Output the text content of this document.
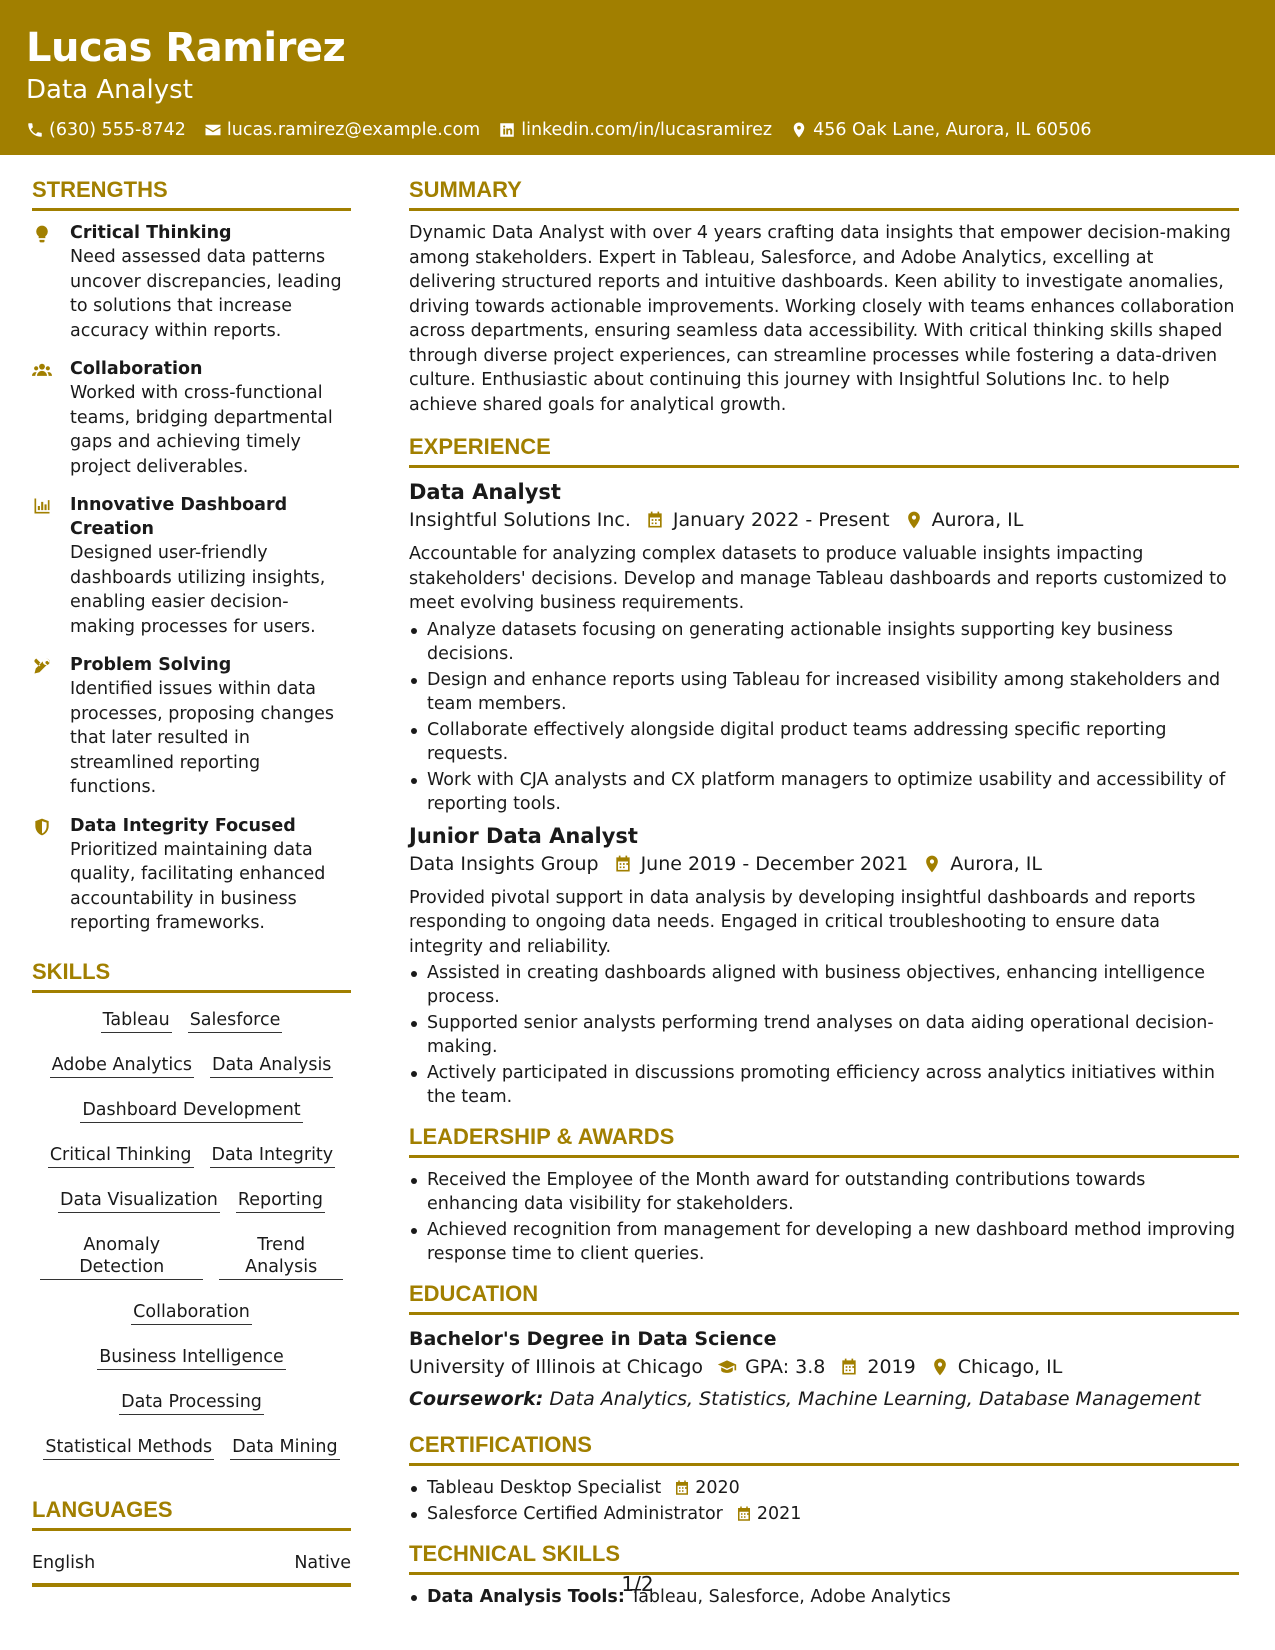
Lucas Ramirez
Data Analyst
(630) 555-8742 lucas.ramirez@example.com linkedin.com/in/lucasramirez 456 Oak Lane, Aurora, IL 60506
STRENGTHS
Critical Thinking
Need assessed data patterns uncover discrepancies, leading to solutions that increase accuracy within reports.
Collaboration
Worked with cross-functional teams, bridging departmental gaps and achieving timely project deliverables.
Innovative Dashboard Creation
Designed user-friendly dashboards utilizing insights, enabling easier decision-making processes for users.
Problem Solving
Identified issues within data processes, proposing changes that later resulted in streamlined reporting functions.
Data Integrity Focused
Prioritized maintaining data quality, facilitating enhanced accountability in business reporting frameworks.
SKILLS
Tableau Salesforce
Adobe Analytics Data Analysis
Dashboard Development
Critical Thinking Data Integrity
Data Visualization Reporting
Anomaly Detection
Trend Analysis
Collaboration
Business Intelligence
Data Processing
Statistical Methods Data Mining
LANGUAGES
English	Native
SUMMARY
Dynamic Data Analyst with over 4 years crafting data insights that empower decision-making among stakeholders. Expert in Tableau, Salesforce, and Adobe Analytics, excelling at delivering structured reports and intuitive dashboards. Keen ability to investigate anomalies, driving towards actionable improvements. Working closely with teams enhances collaboration across departments, ensuring seamless data accessibility. With critical thinking skills shaped through diverse project experiences, can streamline processes while fostering a data-driven culture. Enthusiastic about continuing this journey with Insightful Solutions Inc. to help achieve shared goals for analytical growth.
EXPERIENCE
Data Analyst
Insightful Solutions Inc. January 2022 - Present Aurora, IL
Accountable for analyzing complex datasets to produce valuable insights impacting stakeholders' decisions. Develop and manage Tableau dashboards and reports customized to meet evolving business requirements.
Analyze datasets focusing on generating actionable insights supporting key business decisions.
Design and enhance reports using Tableau for increased visibility among stakeholders and team members.
Collaborate effectively alongside digital product teams addressing specific reporting requests.
Work with CJA analysts and CX platform managers to optimize usability and accessibility of reporting tools.
Junior Data Analyst
Data Insights Group June 2019 - December 2021 Aurora, IL
Provided pivotal support in data analysis by developing insightful dashboards and reports responding to ongoing data needs. Engaged in critical troubleshooting to ensure data integrity and reliability.
Assisted in creating dashboards aligned with business objectives, enhancing intelligence process.
Supported senior analysts performing trend analyses on data aiding operational decision-making.
Actively participated in discussions promoting efficiency across analytics initiatives within the team.
LEADERSHIP & AWARDS
Received the Employee of the Month award for outstanding contributions towards enhancing data visibility for stakeholders.
Achieved recognition from management for developing a new dashboard method improving response time to client queries.
EDUCATION
Bachelor's Degree in Data Science
University of Illinois at Chicago GPA: 3.8 2019 Chicago, IL
Coursework: Data Analytics, Statistics, Machine Learning, Database Management
CERTIFICATIONS
Tableau Desktop Specialist 2020
Salesforce Certified Administrator 2021
TECHNICAL SKILLS
Data Analysis Tools: Tableau, Salesforce, Adobe Analytics
1/2
